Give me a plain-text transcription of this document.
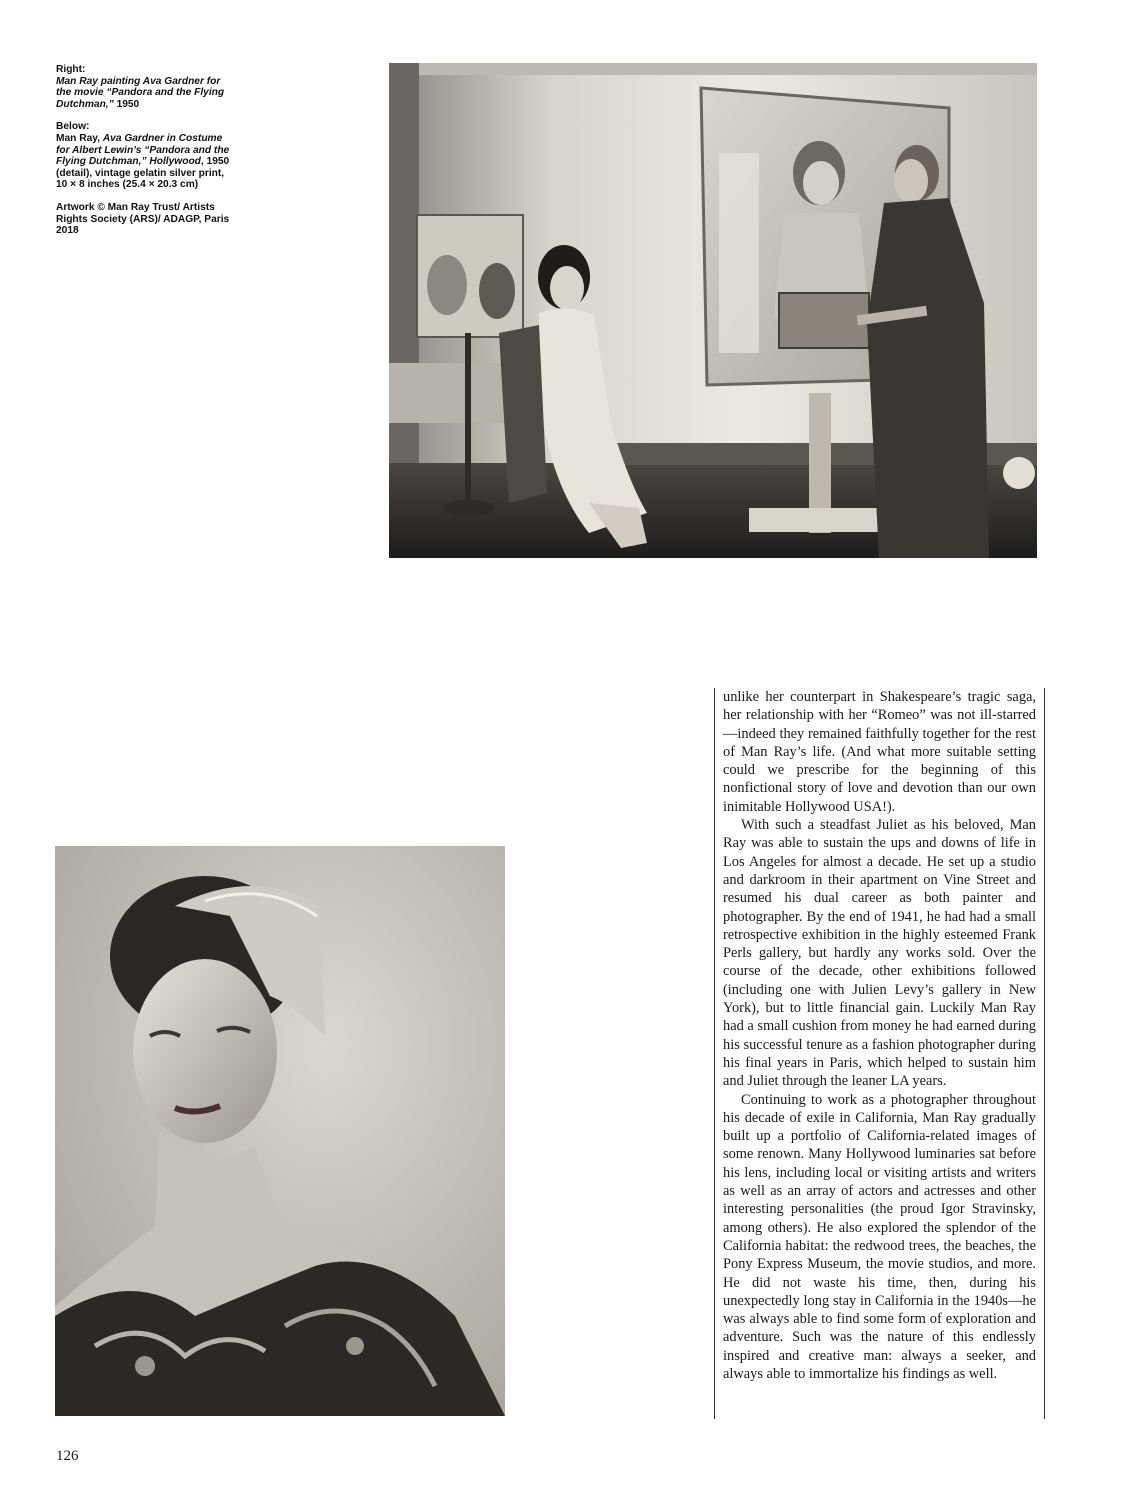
Right:
Man Ray painting Ava Gardner for the movie “Pandora and the Flying Dutchman,” 1950

Below:
Man Ray, Ava Gardner in Costume for Albert Lewin’s “Pandora and the Flying Dutchman,” Hollywood, 1950 (detail), vintage gelatin silver print, 10 × 8 inches (25.4 × 20.3 cm)

Artwork © Man Ray Trust/ Artists Rights Society (ARS)/ ADAGP, Paris 2018

unlike her counterpart in Shakespeare’s tragic saga, her relationship with her “Romeo” was not ill-starred—indeed they remained faithfully together for the rest of Man Ray’s life. (And what more suitable setting could we prescribe for the beginning of this nonfictional story of love and devotion than our own inimitable Hollywood USA!).

With such a steadfast Juliet as his beloved, Man Ray was able to sustain the ups and downs of life in Los Angeles for almost a decade. He set up a studio and darkroom in their apartment on Vine Street and resumed his dual career as both painter and photographer. By the end of 1941, he had had a small retrospective exhibition in the highly esteemed Frank Perls gallery, but hardly any works sold. Over the course of the decade, other exhibitions followed (including one with Julien Levy’s gallery in New York), but to little financial gain. Luckily Man Ray had a small cushion from money he had earned during his successful tenure as a fashion photographer during his final years in Paris, which helped to sustain him and Juliet through the leaner LA years.

Continuing to work as a photographer throughout his decade of exile in California, Man Ray gradually built up a portfolio of California-related images of some renown. Many Hollywood luminaries sat before his lens, including local or visiting artists and writers as well as an array of actors and actresses and other interesting personalities (the proud Igor Stravinsky, among others). He also explored the splendor of the California habitat: the redwood trees, the beaches, the Pony Express Museum, the movie studios, and more. He did not waste his time, then, during his unexpectedly long stay in California in the 1940s—he was always able to find some form of exploration and adventure. Such was the nature of this endlessly inspired and creative man: always a seeker, and always able to immortalize his findings as well.

126
